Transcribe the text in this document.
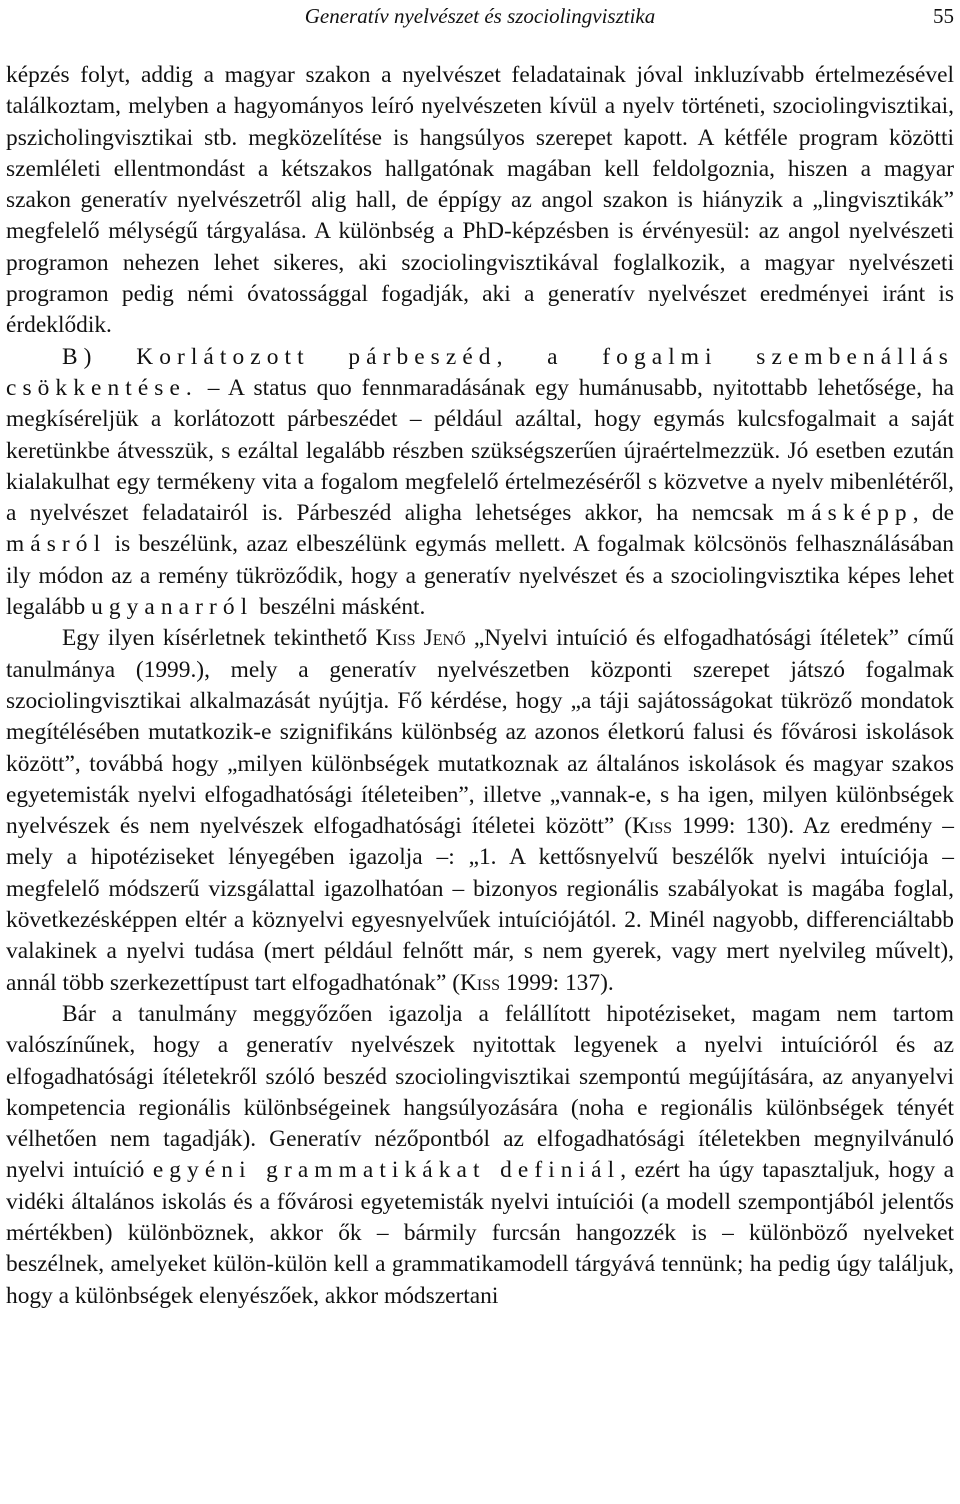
Generatív nyelvészet és szociolingvisztika	55

képzés folyt, addig a magyar szakon a nyelvészet feladatainak jóval inkluzívabb értelmezésével találkoztam, melyben a hagyományos leíró nyelvészeten kívül a nyelv történeti, szociolingvisztikai, pszicholingvisztikai stb. megközelítése is hangsúlyos szerepet kapott. A kétféle program közötti szemléleti ellentmondást a kétszakos hallgatónak magában kell feldolgoznia, hiszen a magyar szakon generatív nyelvészetről alig hall, de éppígy az angol szakon is hiányzik a „lingvisztikák” megfelelő mélységű tárgyalása. A különbség a PhD-képzésben is érvényesül: az angol nyelvészeti programon nehezen lehet sikeres, aki szociolingvisztikával foglalkozik, a magyar nyelvészeti programon pedig némi óvatossággal fogadják, aki a generatív nyelvészet eredményei iránt is érdeklődik.

B) Korlátozott párbeszéd, a fogalmi szembenállás csökkentése. – A status quo fennmaradásának egy humánusabb, nyitottabb lehetősége, ha megkíséreljük a korlátozott párbeszédet – például azáltal, hogy egymás kulcsfogalmait a saját keretünkbe átvesszük, s ezáltal legalább részben szükségszerűen újraértelmezzük. Jó esetben ezután kialakulhat egy termékeny vita a fogalom megfelelő értelmezéséről s közvetve a nyelv mibenlétéről, a nyelvészet feladatairól is. Párbeszéd aligha lehetséges akkor, ha nemcsak másképp, de másról is beszélünk, azaz elbeszélünk egymás mellett. A fogalmak kölcsönös felhasználásában ily módon az a remény tükröződik, hogy a generatív nyelvészet és a szociolingvisztika képes lehet legalább ugyanarról beszélni másként.

Egy ilyen kísérletnek tekinthető Kiss Jenő „Nyelvi intuíció és elfogadhatósági ítéletek” című tanulmánya (1999.), mely a generatív nyelvészetben központi szerepet játszó fogalmak szociolingvisztikai alkalmazását nyújtja. Fő kérdése, hogy „a táji sajátosságokat tükröző mondatok megítélésében mutatkozik-e szignifikáns különbség az azonos életkorú falusi és fővárosi iskolások között”, továbbá hogy „milyen különbségek mutatkoznak az általános iskolások és magyar szakos egyetemisták nyelvi elfogadhatósági ítéleteiben”, illetve „vannak-e, s ha igen, milyen különbségek nyelvészek és nem nyelvészek elfogadhatósági ítéletei között” (Kiss 1999: 130). Az eredmény – mely a hipotéziseket lényegében igazolja –: „1. A kettősnyelvű beszélők nyelvi intuíciója – megfelelő módszerű vizsgálattal igazolhatóan – bizonyos regionális szabályokat is magába foglal, következésképpen eltér a köznyelvi egyesnyelvűek intuíciójától. 2. Minél nagyobb, differenciáltabb valakinek a nyelvi tudása (mert például felnőtt már, s nem gyerek, vagy mert nyelvileg művelt), annál több szerkezettípust tart elfogadhatónak” (Kiss 1999: 137).

Bár a tanulmány meggyőzően igazolja a felállított hipotéziseket, magam nem tartom valószínűnek, hogy a generatív nyelvészek nyitottak legyenek a nyelvi intuícióról és az elfogadhatósági ítéletekről szóló beszéd szociolingvisztikai szempontú megújítására, az anyanyelvi kompetencia regionális különbségeinek hangsúlyozására (noha e regionális különbségek tényét vélhetően nem tagadják). Generatív nézőpontból az elfogadhatósági ítéletekben megnyilvánuló nyelvi intuíció egyéni grammatikákat definiál, ezért ha úgy tapasztaljuk, hogy a vidéki általános iskolás és a fővárosi egyetemisták nyelvi intuíciói (a modell szempontjából jelentős mértékben) különböznek, akkor ők – bármily furcsán hangozzék is – különböző nyelveket beszélnek, amelyeket külön-külön kell a grammatikamodell tárgyává tennünk; ha pedig úgy találjuk, hogy a különbségek elenyészőek, akkor módszertani
